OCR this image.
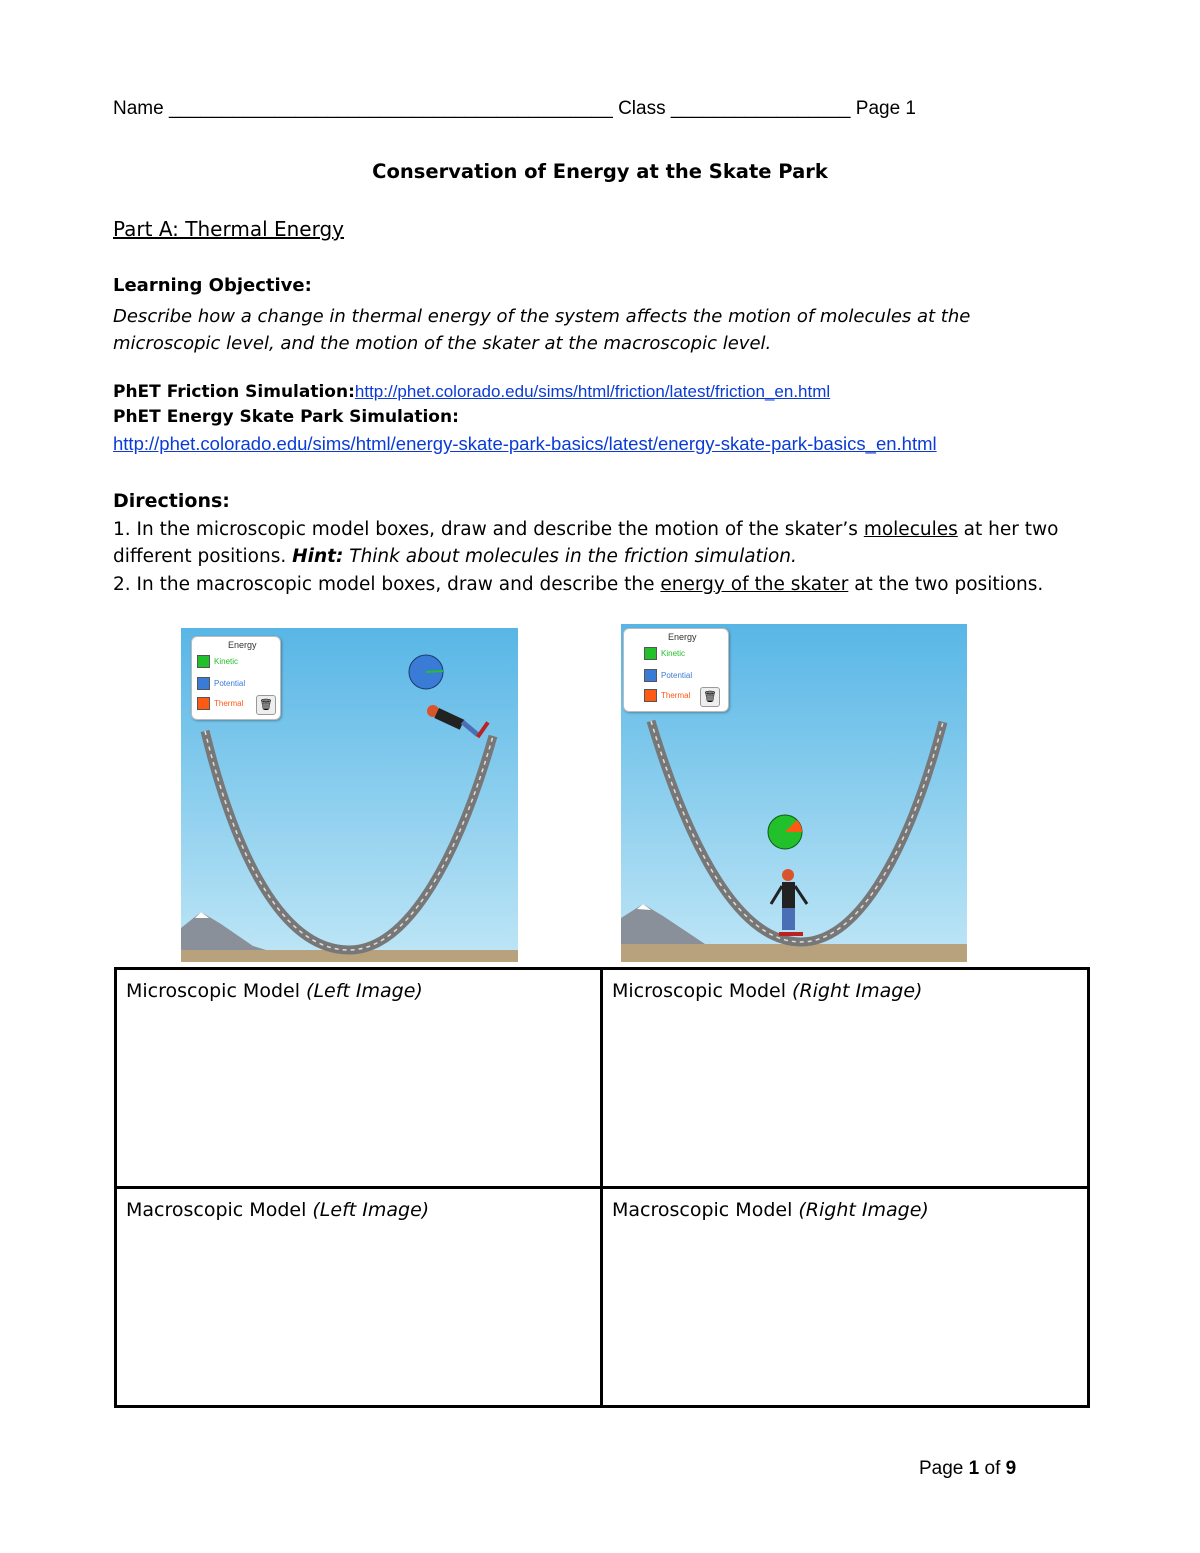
Name __________________________________________ Class _________________ Page 1
Conservation of Energy at the Skate Park
Part A: Thermal Energy
Learning Objective:
Describe how a change in thermal energy of the system affects the motion of molecules at the microscopic level, and the motion of the skater at the macroscopic level.
PhET Friction Simulation:http://phet.colorado.edu/sims/html/friction/latest/friction_en.html
PhET Energy Skate Park Simulation:
http://phet.colorado.edu/sims/html/energy-skate-park-basics/latest/energy-skate-park-basics_en.html
Directions:
1. In the microscopic model boxes, draw and describe the motion of the skater’s molecules at her two different positions. Hint: Think about molecules in the friction simulation.
2. In the macroscopic model boxes, draw and describe the energy of the skater at the two positions.
Energy
Kinetic
Potential
Thermal 🗑
Energy
Kinetic
Potential
Thermal 🗑
Microscopic Model (Left Image)	Microscopic Model (Right Image)
Macroscopic Model (Left Image)	Macroscopic Model (Right Image)
Page 1 of 9
